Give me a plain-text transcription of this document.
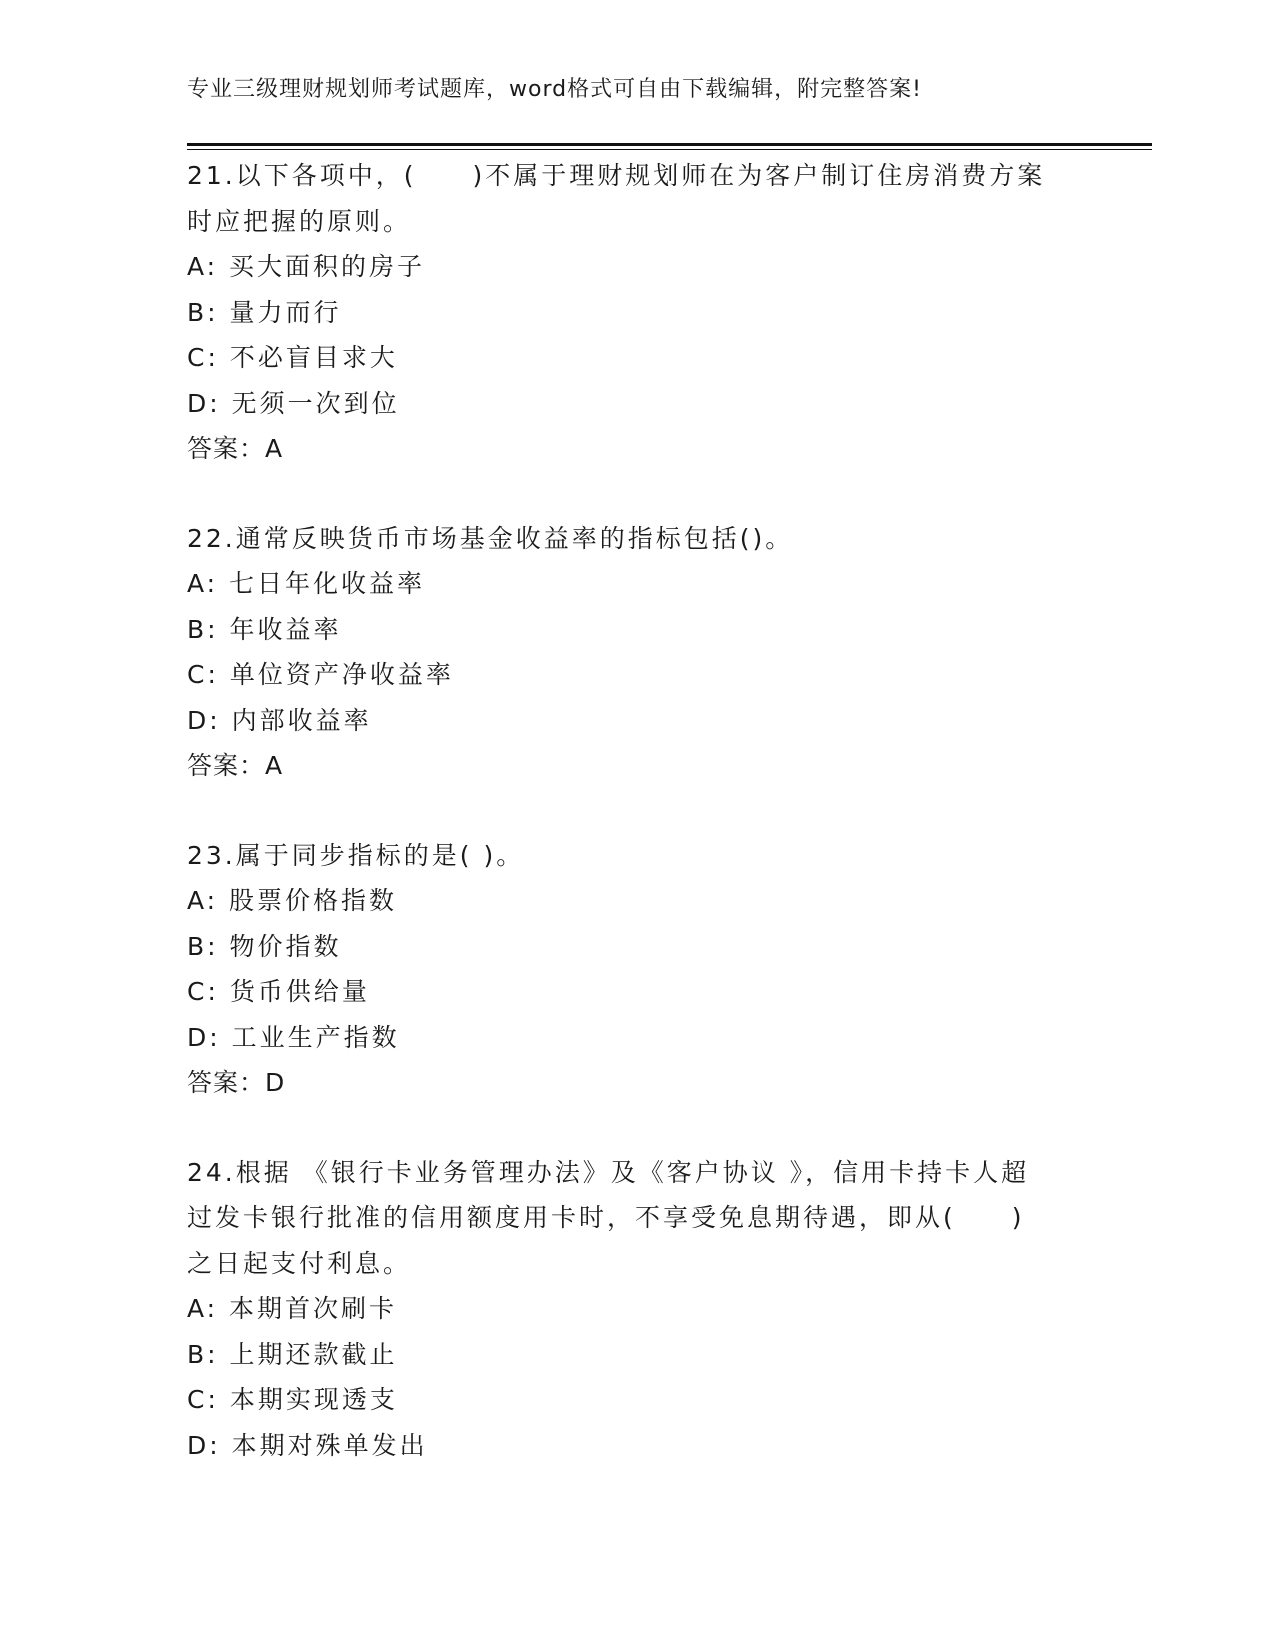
专业三级理财规划师考试题库，word格式可自由下载编辑，附完整答案!
21.以下各项中，(　　)不属于理财规划师在为客户制订住房消费方案
时应把握的原则。
A: 买大面积的房子
B: 量力而行
C: 不必盲目求大
D: 无须一次到位
答案：A
22.通常反映货币市场基金收益率的指标包括()。
A: 七日年化收益率
B: 年收益率
C: 单位资产净收益率
D: 内部收益率
答案：A
23.属于同步指标的是( )。
A: 股票价格指数
B: 物价指数
C: 货币供给量
D: 工业生产指数
答案：D
24.根据 《银行卡业务管理办法》及《客户协议 》，信用卡持卡人超
过发卡银行批准的信用额度用卡时，不享受免息期待遇，即从(　　)
之日起支付利息。
A: 本期首次刷卡
B: 上期还款截止
C: 本期实现透支
D: 本期对殊单发出
